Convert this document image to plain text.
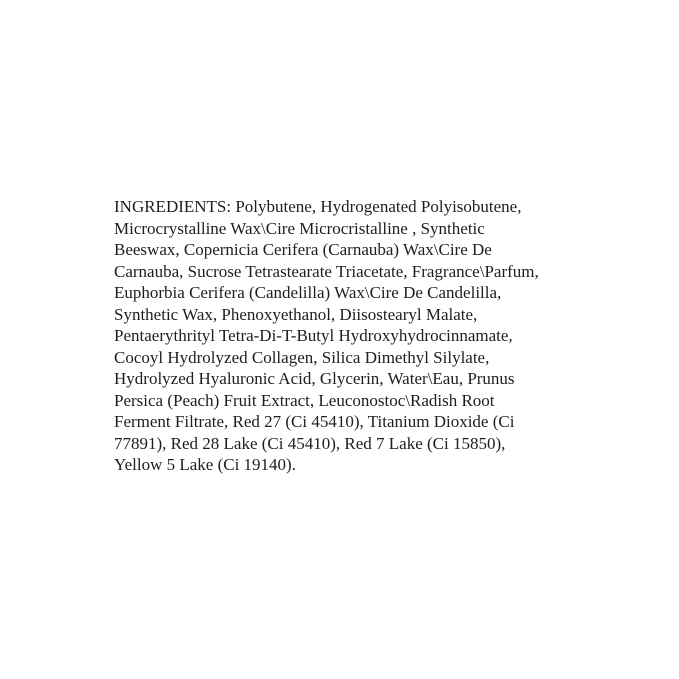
INGREDIENTS: Polybutene, Hydrogenated Polyisobutene,
Microcrystalline Wax\Cire Microcristalline , Synthetic
Beeswax, Copernicia Cerifera (Carnauba) Wax\Cire De
Carnauba, Sucrose Tetrastearate Triacetate, Fragrance\Parfum,
Euphorbia Cerifera (Candelilla) Wax\Cire De Candelilla,
Synthetic Wax, Phenoxyethanol, Diisostearyl Malate,
Pentaerythrityl Tetra-Di-T-Butyl Hydroxyhydrocinnamate,
Cocoyl Hydrolyzed Collagen, Silica Dimethyl Silylate,
Hydrolyzed Hyaluronic Acid, Glycerin, Water\Eau, Prunus
Persica (Peach) Fruit Extract, Leuconostoc\Radish Root
Ferment Filtrate, Red 27 (Ci 45410), Titanium Dioxide (Ci
77891), Red 28 Lake (Ci 45410), Red 7 Lake (Ci 15850),
Yellow 5 Lake (Ci 19140).
